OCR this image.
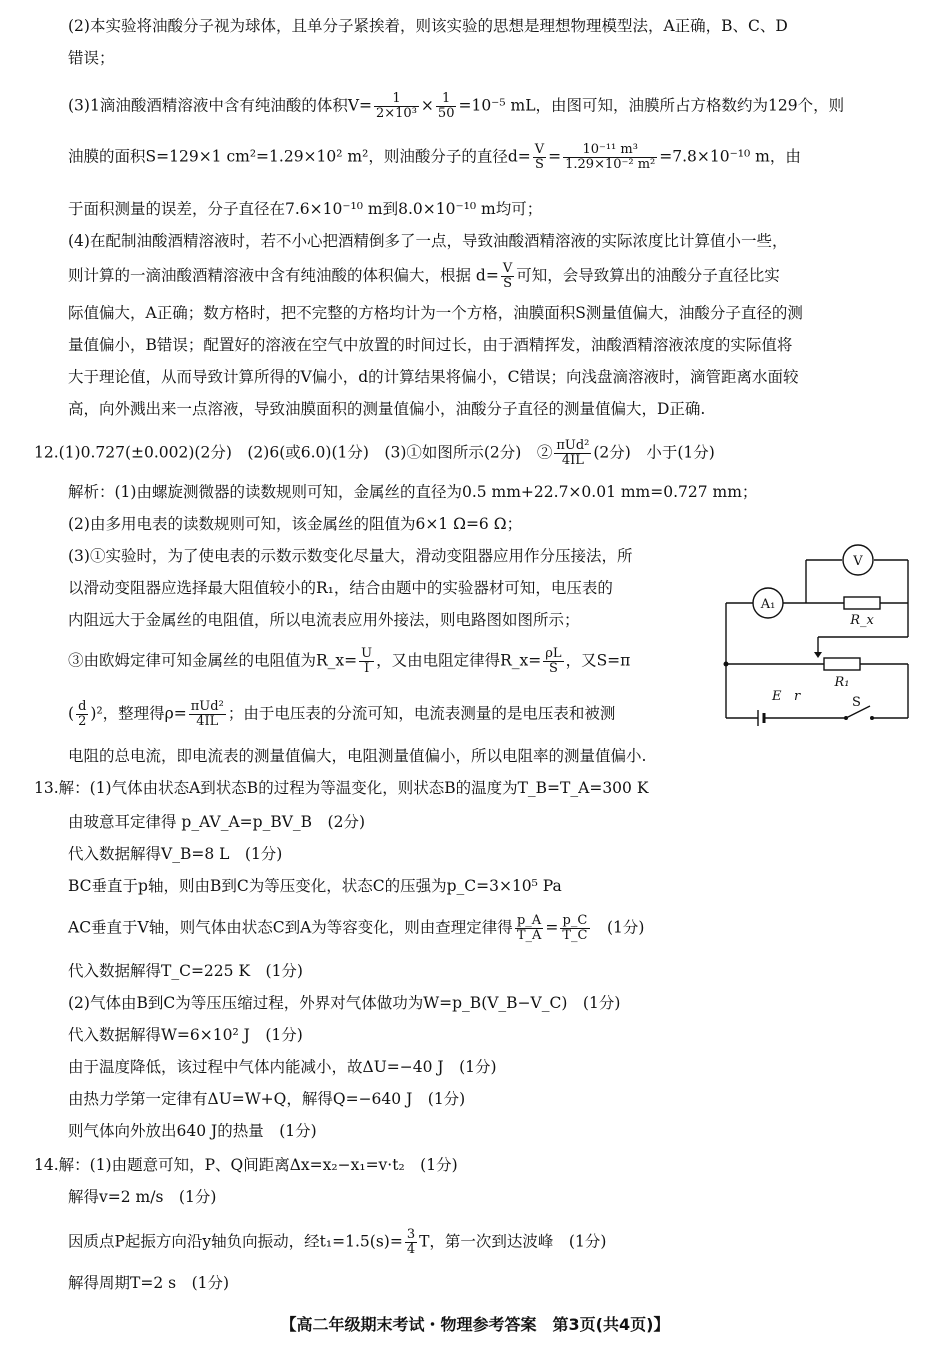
(2)本实验将油酸分子视为球体，且单分子紧挨着，则该实验的思想是理想物理模型法，A正确，B、C、D
错误；
于面积测量的误差，分子直径在7.6×10⁻¹⁰ m到8.0×10⁻¹⁰ m均可；
(4)在配制油酸酒精溶液时，若不小心把酒精倒多了一点，导致油酸酒精溶液的实际浓度比计算值小一些，
际值偏大，A正确；数方格时，把不完整的方格均计为一个方格，油膜面积S测量值偏大，油酸分子直径的测
量值偏小，B错误；配置好的溶液在空气中放置的时间过长，由于酒精挥发，油酸酒精溶液浓度的实际值将
大于理论值，从而导致计算所得的V偏小，d的计算结果将偏小，C错误；向浅盘滴溶液时，滴管距离水面较
高，向外溅出来一点溶液，导致油膜面积的测量值偏小，油酸分子直径的测量值偏大，D正确.
解析：(1)由螺旋测微器的读数规则可知，金属丝的直径为0.5 mm+22.7×0.01 mm=0.727 mm；
(2)由多用电表的读数规则可知，该金属丝的阻值为6×1 Ω=6 Ω；
(3)①实验时，为了使电表的示数示数变化尽量大，滑动变阻器应用作分压接法，所
以滑动变阻器应选择最大阻值较小的R₁，结合由题中的实验器材可知，电压表的
内阻远大于金属丝的电阻值，所以电流表应用外接法，则电路图如图所示；
电阻的总电流，即电流表的测量值偏大，电阻测量值偏小，所以电阻率的测量值偏小.
13.解：(1)气体由状态A到状态B的过程为等温变化，则状态B的温度为T_B=T_A=300 K
由玻意耳定律得 p_AV_A=p_BV_B　(2分)
代入数据解得V_B=8 L　(1分)
BC垂直于p轴，则由B到C为等压变化，状态C的压强为p_C=3×10⁵ Pa
代入数据解得T_C=225 K　(1分)
(2)气体由B到C为等压压缩过程，外界对气体做功为W=p_B(V_B−V_C)　(1分)
代入数据解得W=6×10² J　(1分)
由于温度降低，该过程中气体内能减小，故ΔU=−40 J　(1分)
由热力学第一定律有ΔU=W+Q，解得Q=−640 J　(1分)
则气体向外放出640 J的热量　(1分)
14.解：(1)由题意可知，P、Q间距离Δx=x₂−x₁=v·t₂　(1分)
解得v=2 m/s　(1分)
解得周期T=2 s　(1分)
(3)1滴油酸酒精溶液中含有纯油酸的体积$V= \frac{1}{\text{2×10³}} \times \frac{1}{50} =10^{-5}$ mL，由图可知，油膜所占方格数约为129个，则
油膜的面积S=129×1 cm²=1.29×10² m²，则油酸分子的直径$d= \frac{V}{S} = \frac{\text{10⁻¹¹ m³}}{\text{1.29×10⁻² m²}} =7.8\times 10^{-10}$ m，由
则计算的一滴油酸酒精溶液中含有纯油酸的体积偏大，根据 $d= \frac{V}{S}$ 可知，会导致算出的油酸分子直径比实
12.(1)0.727(±0.002)(2分)　(2)6(或6.0)(1分)　(3)①如图所示(2分)　② $\frac{\text{πUd²}}{4IL} (2$分)　小于(1分)
③由欧姆定律可知金属丝的电阻值为R_x= $\frac{U}{I}$ ，又由电阻定律得R_x= $\frac{\rho L}{S}$ ，又S=π
( $\frac{d}{2} )^2$，整理得$\rho= \frac{\text{πUd²}}{4IL}$ ；由于电压表的分流可知，电流表测量的是电压表和被测
AC垂直于V轴，则气体由状态C到A为等容变化，则由查理定律得 $\frac{p\_A}{T\_A} = \frac{p\_C}{T\_C}$ 　(1分)
因质点P起振方向沿y轴负向振动，经$t_1=1.5(s)= \frac{3}{4}$ T，第一次到达波峰　(1分)
V
A₁
R_x
R₁
E r	S
【高二年级期末考试・物理参考答案　第3页(共4页)】
